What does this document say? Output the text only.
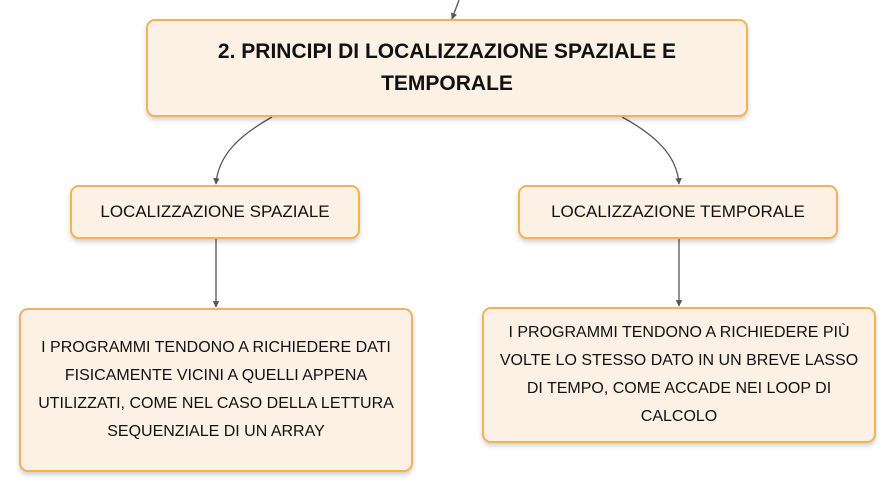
2. PRINCIPI DI LOCALIZZAZIONE SPAZIALE E TEMPORALE
LOCALIZZAZIONE SPAZIALE	LOCALIZZAZIONE TEMPORALE
I PROGRAMMI TENDONO A RICHIEDERE DATI FISICAMENTE VICINI A QUELLI APPENA UTILIZZATI, COME NEL CASO DELLA LETTURA SEQUENZIALE DI UN ARRAY
I PROGRAMMI TENDONO A RICHIEDERE PIÙ VOLTE LO STESSO DATO IN UN BREVE LASSO DI TEMPO, COME ACCADE NEI LOOP DI CALCOLO
